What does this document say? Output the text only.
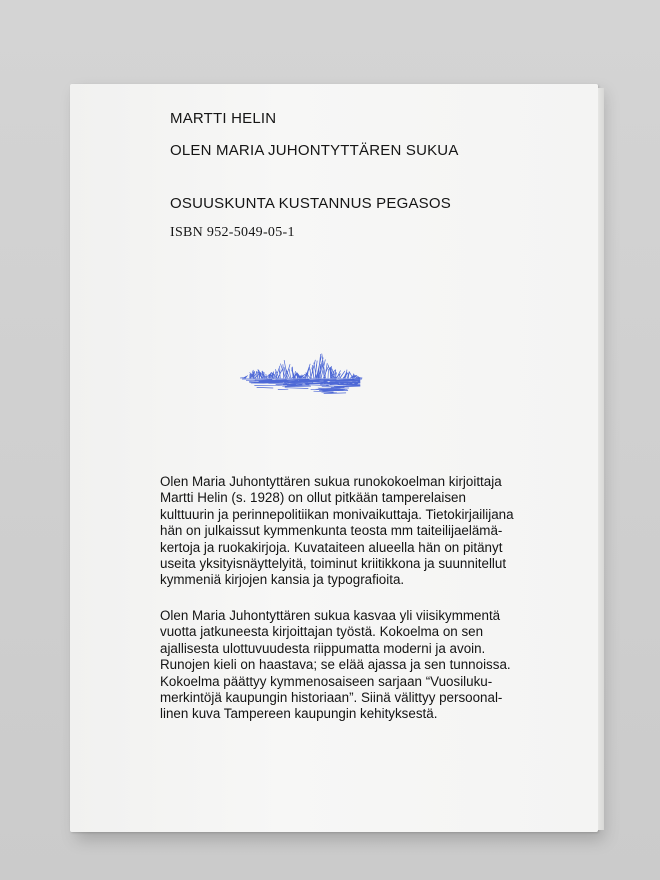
MARTTI HELIN
OLEN MARIA JUHONTYTTÄREN SUKUA
OSUUSKUNTA KUSTANNUS PEGASOS
ISBN 952-5049-05-1
Olen Maria Juhontyttären sukua runokokoelman kirjoittaja
Martti Helin (s. 1928) on ollut pitkään tamperelaisen
kulttuurin ja perinnepolitiikan monivaikuttaja. Tietokirjailijana
hän on julkaissut kymmenkunta teosta mm taiteilijaelämä-
kertoja ja ruokakirjoja. Kuvataiteen alueella hän on pitänyt
useita yksityisnäyttelyitä, toiminut kriitikkona ja suunnitellut
kymmeniä kirjojen kansia ja typografioita.
Olen Maria Juhontyttären sukua kasvaa yli viisikymmentä
vuotta jatkuneesta kirjoittajan työstä. Kokoelma on sen
ajallisesta ulottuvuudesta riippumatta moderni ja avoin.
Runojen kieli on haastava; se elää ajassa ja sen tunnoissa.
Kokoelma päättyy kymmenosaiseen sarjaan “Vuosiluku-
merkintöjä kaupungin historiaan”. Siinä välittyy persoonal-
linen kuva Tampereen kaupungin kehityksestä.
